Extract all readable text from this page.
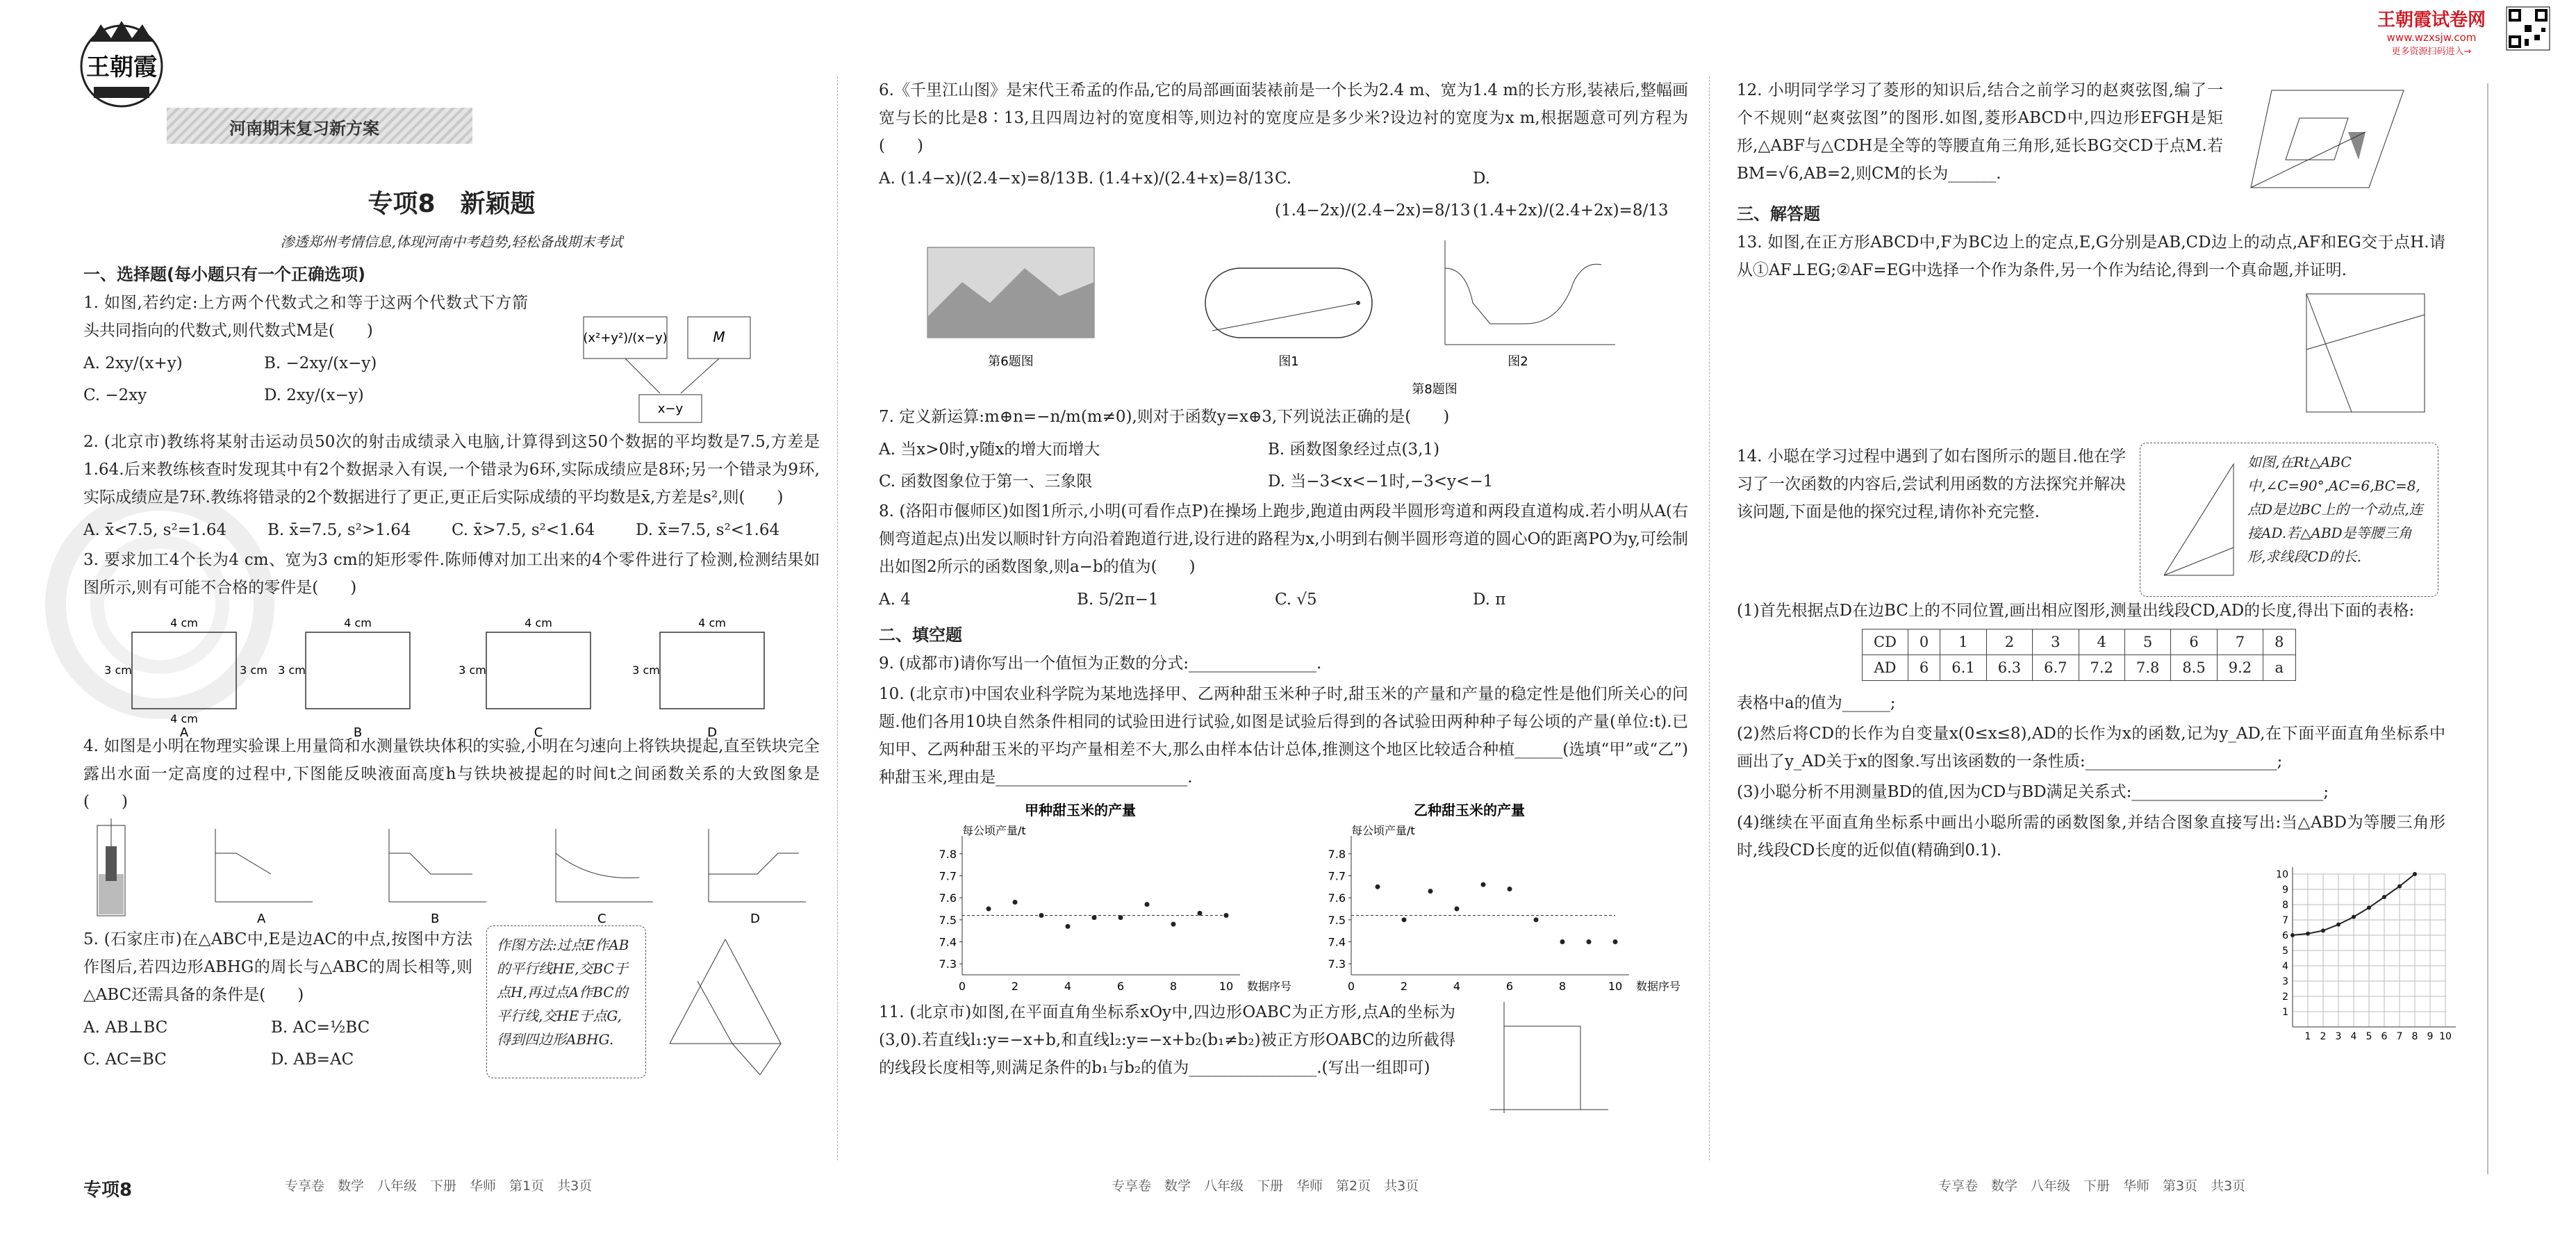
王朝霞试卷网
www.wzxsjw.com
更多资源扫码进入→
王朝霞
河南期末复习新方案
专项8　新颖题
渗透郑州考情信息,体现河南中考趋势,轻松备战期末考试
一、选择题(每小题只有一个正确选项)
1. 如图,若约定:上方两个代数式之和等于这两个代数式下方箭头共同指向的代数式,则代数式M是(　　)
A. 2xy/(x+y)	B. −2xy/(x−y)
C. −2xy	D. 2xy/(x−y)
(x²+y²)/(x−y)	M
x−y
2. (北京市)教练将某射击运动员50次的射击成绩录入电脑,计算得到这50个数据的平均数是7.5,方差是1.64.后来教练核查时发现其中有2个数据录入有误,一个错录为6环,实际成绩应是8环;另一个错录为9环,实际成绩应是7环.教练将错录的2个数据进行了更正,更正后实际成绩的平均数是x̄,方差是s²,则(　　)
A. x̄<7.5, s²=1.64	B. x̄=7.5, s²>1.64	C. x̄>7.5, s²<1.64	D. x̄=7.5, s²<1.64
3. 要求加工4个长为4 cm、宽为3 cm的矩形零件.陈师傅对加工出来的4个零件进行了检测,检测结果如图所示,则有可能不合格的零件是(　　)
4 cm
4 cm
3 cm	3 cm
A
4 cm
3 cm
B
4 cm
3 cm
C
4 cm
3 cm
D
4. 如图是小明在物理实验课上用量筒和水测量铁块体积的实验,小明在匀速向上将铁块提起,直至铁块完全露出水面一定高度的过程中,下图能反映液面高度h与铁块被提起的时间t之间函数关系的大致图象是(　　)
A	B	C	D
5. (石家庄市)在△ABC中,E是边AC的中点,按图中方法作图后,若四边形ABHG的周长与△ABC的周长相等,则△ABC还需具备的条件是(　　)
A. AB⊥BC	B. AC=½BC
C. AC=BC	D. AB=AC
作图方法:过点E作AB的平行线HE,交BC于点H,再过点A作BC的平行线,交HE于点G,得到四边形ABHG.
专项8	专享卷　数学　八年级　下册　华师　第1页　共3页
6.《千里江山图》是宋代王希孟的作品,它的局部画面装裱前是一个长为2.4 m、宽为1.4 m的长方形,装裱后,整幅画宽与长的比是8∶13,且四周边衬的宽度相等,则边衬的宽度应是多少米?设边衬的宽度为x m,根据题意可列方程为(　　)
A. (1.4−x)/(2.4−x)=8/13 B. (1.4+x)/(2.4+x)=8/13 C. (1.4−2x)/(2.4−2x)=8/13
D. (1.4+2x)/(2.4+2x)=8/13
第6题图	图1	图2
第8题图
7. 定义新运算:m⊕n=−n/m(m≠0),则对于函数y=x⊕3,下列说法正确的是(　　)
A. 当x>0时,y随x的增大而增大	B. 函数图象经过点(3,1)
C. 函数图象位于第一、三象限	D. 当−3<x<−1时,−3<y<−1
8. (洛阳市偃师区)如图1所示,小明(可看作点P)在操场上跑步,跑道由两段半圆形弯道和两段直道构成.若小明从A(右侧弯道起点)出发以顺时针方向沿着跑道行进,设行进的路程为x,小明到右侧半圆形弯道的圆心O的距离PO为y,可绘制出如图2所示的函数图象,则a−b的值为(　　)
A. 4	B. 5/2π−1	C. √5	D. π
二、填空题
9. (成都市)请你写出一个值恒为正数的分式:________________.
10. (北京市)中国农业科学院为某地选择甲、乙两种甜玉米种子时,甜玉米的产量和产量的稳定性是他们所关心的问题.他们各用10块自然条件相同的试验田进行试验,如图是试验后得到的各试验田两种种子每公顷的产量(单位:t).已知甲、乙两种甜玉米的平均产量相差不大,那么由样本估计总体,推测这个地区比较适合种植______(选填“甲”或“乙”)种甜玉米,理由是________________________.
甲种甜玉米的产量
每公顷产量/t
7.3
7.4
7.5
7.6
7.7
7.8
0	2	4	6	8	10 数据序号
乙种甜玉米的产量
每公顷产量/t
7.3
7.4
7.5
7.6
7.7
7.8
0	2	4	6	8	10 数据序号
11. (北京市)如图,在平面直角坐标系xOy中,四边形OABC为正方形,点A的坐标为(3,0).若直线l₁:y=−x+b,和直线l₂:y=−x+b₂(b₁≠b₂)被正方形OABC的边所截得的线段长度相等,则满足条件的b₁与b₂的值为________________.(写出一组即可)
专享卷　数学　八年级　下册　华师　第2页　共3页
12. 小明同学学习了菱形的知识后,结合之前学习的赵爽弦图,编了一个不规则“赵爽弦图”的图形.如图,菱形ABCD中,四边形EFGH是矩形,△ABF与△CDH是全等的等腰直角三角形,延长BG交CD于点M.若BM=√6,AB=2,则CM的长为______.
三、解答题
13. 如图,在正方形ABCD中,F为BC边上的定点,E,G分别是AB,CD边上的动点,AF和EG交于点H.请从①AF⊥EG;②AF=EG中选择一个作为条件,另一个作为结论,得到一个真命题,并证明.
14. 小聪在学习过程中遇到了如右图所示的题目.他在学习了一次函数的内容后,尝试利用函数的方法探究并解决该问题,下面是他的探究过程,请你补充完整.
如图,在Rt△ABC中,∠C=90°,AC=6,BC=8,点D是边BC上的一个动点,连接AD.若△ABD是等腰三角形,求线段CD的长.
(1)首先根据点D在边BC上的不同位置,画出相应图形,测量出线段CD,AD的长度,得出下面的表格:
CD	0	1	2	3	4	5	6	7	8
AD	6	6.1	6.3	6.7	7.2	7.8	8.5	9.2	a
表格中a的值为______;
(2)然后将CD的长作为自变量x(0≤x≤8),AD的长作为x的函数,记为y_AD,在下面平面直角坐标系中画出了y_AD关于x的图象.写出该函数的一条性质:________________________;
(3)小聪分析不用测量BD的值,因为CD与BD满足关系式:________________________;
(4)继续在平面直角坐标系中画出小聪所需的函数图象,并结合图象直接写出:当△ABD为等腰三角形时,线段CD长度的近似值(精确到0.1).
1 2 3 4 5 6 7 8 9 10
1
2
3
4
5
6
7
8
9
10
专享卷　数学　八年级　下册　华师　第3页　共3页
